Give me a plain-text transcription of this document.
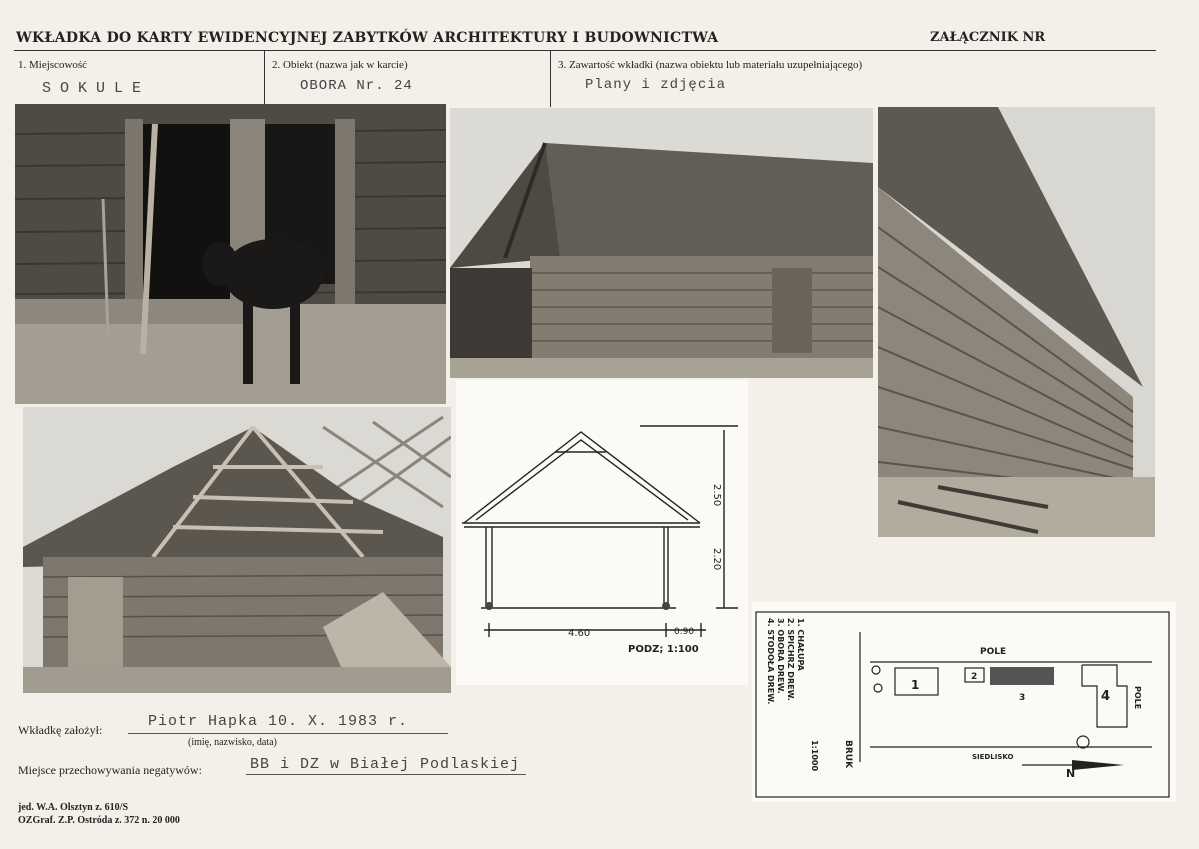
WKŁADKA DO KARTY EWIDENCYJNEJ ZABYTKÓW ARCHITEKTURY I BUDOWNICTWA	ZAŁĄCZNIK NR
1. Miejscowość	2. Obiekt (nazwa jak w karcie)	3. Zawartość wkładki (nazwa obiektu lub materiału uzupełniającego)
SOKULE	OBORA Nr. 24	Plany i zdjęcia
2.50
2.20
4.60	0.90
PODZ; 1:100	1. CHAŁUPA
2. SPICHRZ DREW.
3. OBORA DREW.
4. STODOŁA DREW.	1
2
3	4
POLE
POLE
SIEDLISKO
BRUK
1:1000
N
Wkładkę założył:	Piotr Hapka 10. X. 1983 r.
(imię, nazwisko, data)
Miejsce przechowywania negatywów:	BB i DZ w Białej Podlaskiej
jed. W.A. Olsztyn z. 610/S
OZGraf. Z.P. Ostróda z. 372 n. 20 000
